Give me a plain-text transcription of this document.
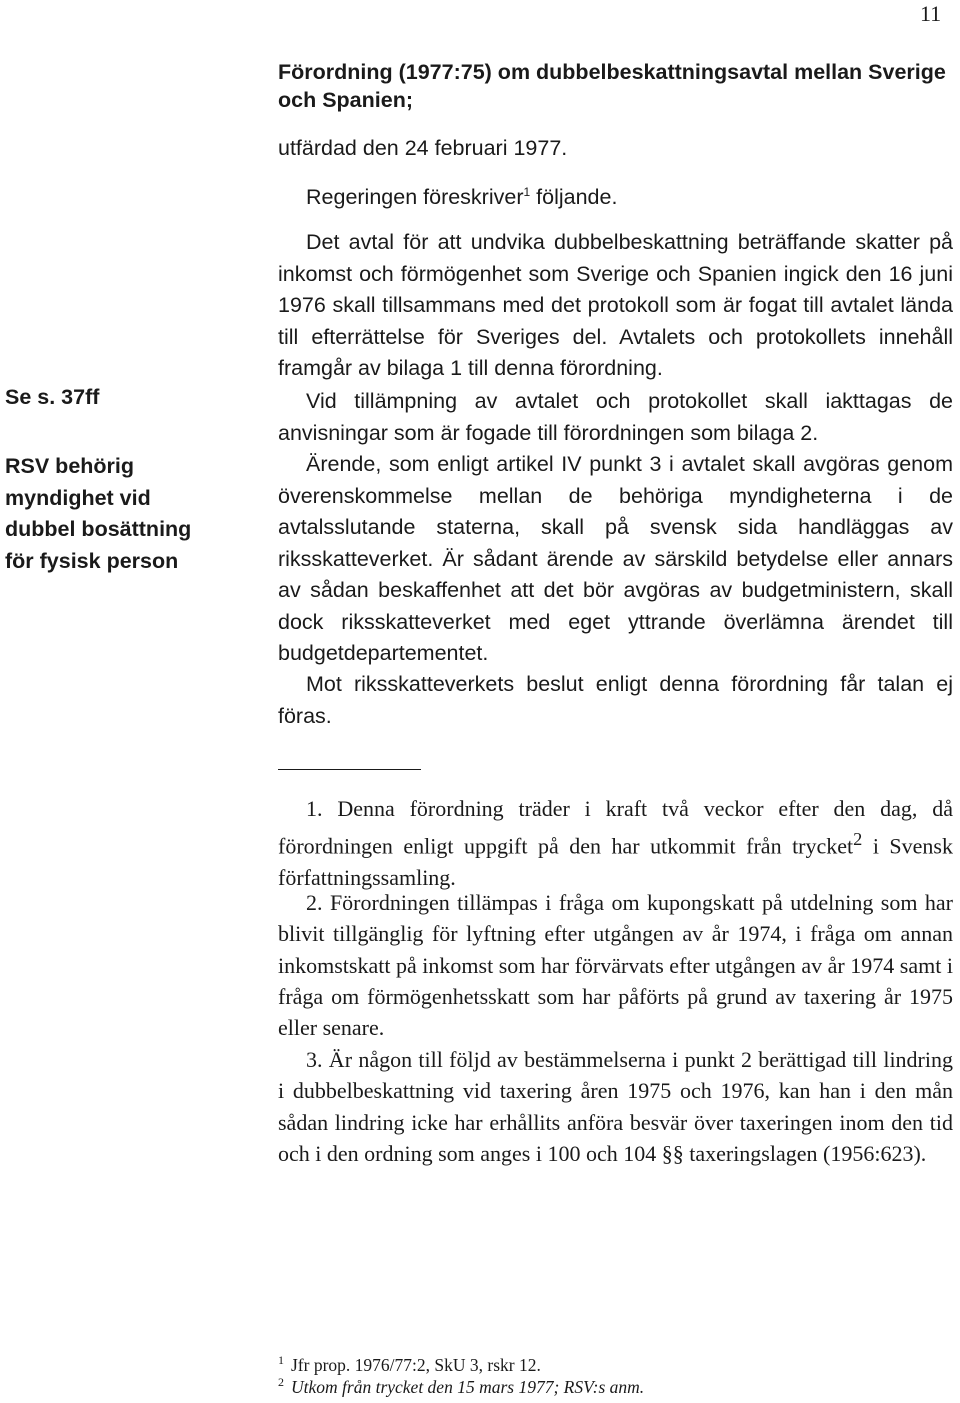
11
Förordning (1977:75) om dubbelbeskattningsavtal mellan Sverige och Spanien;
utfärdad den 24 februari 1977.
Regeringen föreskriver$^1$ följande.

Det avtal för att undvika dubbelbeskattning beträffande skatter på inkomst och förmögenhet som Sverige och Spanien ingick den 16 juni 1976 skall tillsammans med det protokoll som är fogat till avtalet lända till efterrättelse för Sveriges del. Avtalets och protokollets innehåll framgår av bilaga 1 till denna förordning.

Vid tillämpning av avtalet och protokollet skall iakttagas de anvisningar som är fogade till förordningen som bilaga 2.

Ärende, som enligt artikel IV punkt 3 i avtalet skall avgöras genom överenskommelse mellan de behöriga myndigheterna i de avtalsslutande staterna, skall på svensk sida handläggas av riksskatteverket. Är sådant ärende av särskild betydelse eller annars av sådan beskaffenhet att det bör avgöras av budgetministern, skall dock riksskatteverket med eget yttrande överlämna ärendet till budgetdepartementet.

Mot riksskatteverkets beslut enligt denna förordning får talan ej föras.

Se s. 37ff
RSV behörig myndighet vid dubbel bosättning för fysisk person

1. Denna förordning träder i kraft två veckor efter den dag, då förordningen enligt uppgift på den har utkommit från trycket$^2$ i Svensk författningssamling.

2. Förordningen tillämpas i fråga om kupongskatt på utdelning som har blivit tillgänglig för lyftning efter utgången av år 1974, i fråga om annan inkomstskatt på inkomst som har förvärvats efter utgången av år 1974 samt i fråga om förmögenhetsskatt som har påförts på grund av taxering år 1975 eller senare.

3. Är någon till följd av bestämmelserna i punkt 2 berättigad till lindring i dubbelbeskattning vid taxering åren 1975 och 1976, kan han i den mån sådan lindring icke har erhållits anföra besvär över taxeringen inom den tid och i den ordning som anges i 100 och 104 §§ taxeringslagen (1956:623).

$^1$ Jfr prop. 1976/77:2, SkU 3, rskr 12.
$^2$ Utkom från trycket den 15 mars 1977; RSV:s anm.
